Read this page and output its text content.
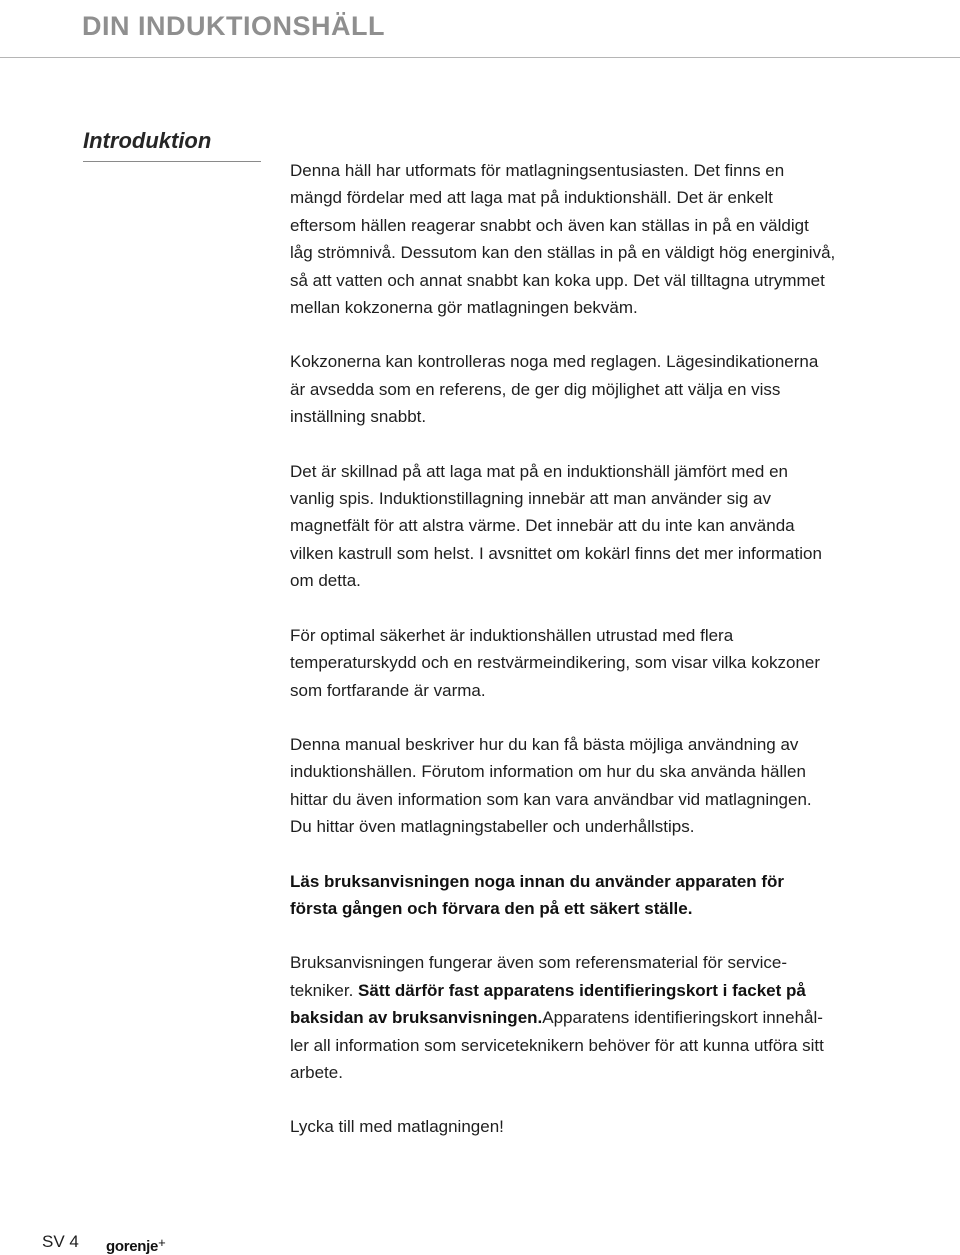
DIN INDUKTIONSHÄLL
Introduktion

Denna häll har utformats för matlagningsentusiasten. Det finns en
mängd fördelar med att laga mat på induktionshäll. Det är enkelt
eftersom hällen reagerar snabbt och även kan ställas in på en väldigt
låg strömnivå. Dessutom kan den ställas in på en väldigt hög energinivå,
så att vatten och annat snabbt kan koka upp. Det väl tilltagna utrymmet
mellan kokzonerna gör matlagningen bekväm.

Kokzonerna kan kontrolleras noga med reglagen. Lägesindikationerna
är avsedda som en referens, de ger dig möjlighet att välja en viss
inställning snabbt.

Det är skillnad på att laga mat på en induktionshäll jämfört med en
vanlig spis. Induktionstillagning innebär att man använder sig av
magnetfält för att alstra värme. Det innebär att du inte kan använda
vilken kastrull som helst. I avsnittet om kokärl finns det mer information
om detta.

För optimal säkerhet är induktionshällen utrustad med flera
temperaturskydd och en restvärmeindikering, som visar vilka kokzoner
som fortfarande är varma.

Denna manual beskriver hur du kan få bästa möjliga användning av
induktionshällen. Förutom information om hur du ska använda hällen
hittar du även information som kan vara användbar vid matlagningen.
Du hittar öven matlagningstabeller och underhållstips.

Läs bruksanvisningen noga innan du använder apparaten för
första gången och förvara den på ett säkert ställe.

Bruksanvisningen fungerar även som referensmaterial för service-
tekniker. Sätt därför fast apparatens identifieringskort i facket på
baksidan av bruksanvisningen.Apparatens identifieringskort innehål-
ler all information som serviceteknikern behöver för att kunna utföra sitt
arbete.

Lycka till med matlagningen!

SV 4 gorenje+
